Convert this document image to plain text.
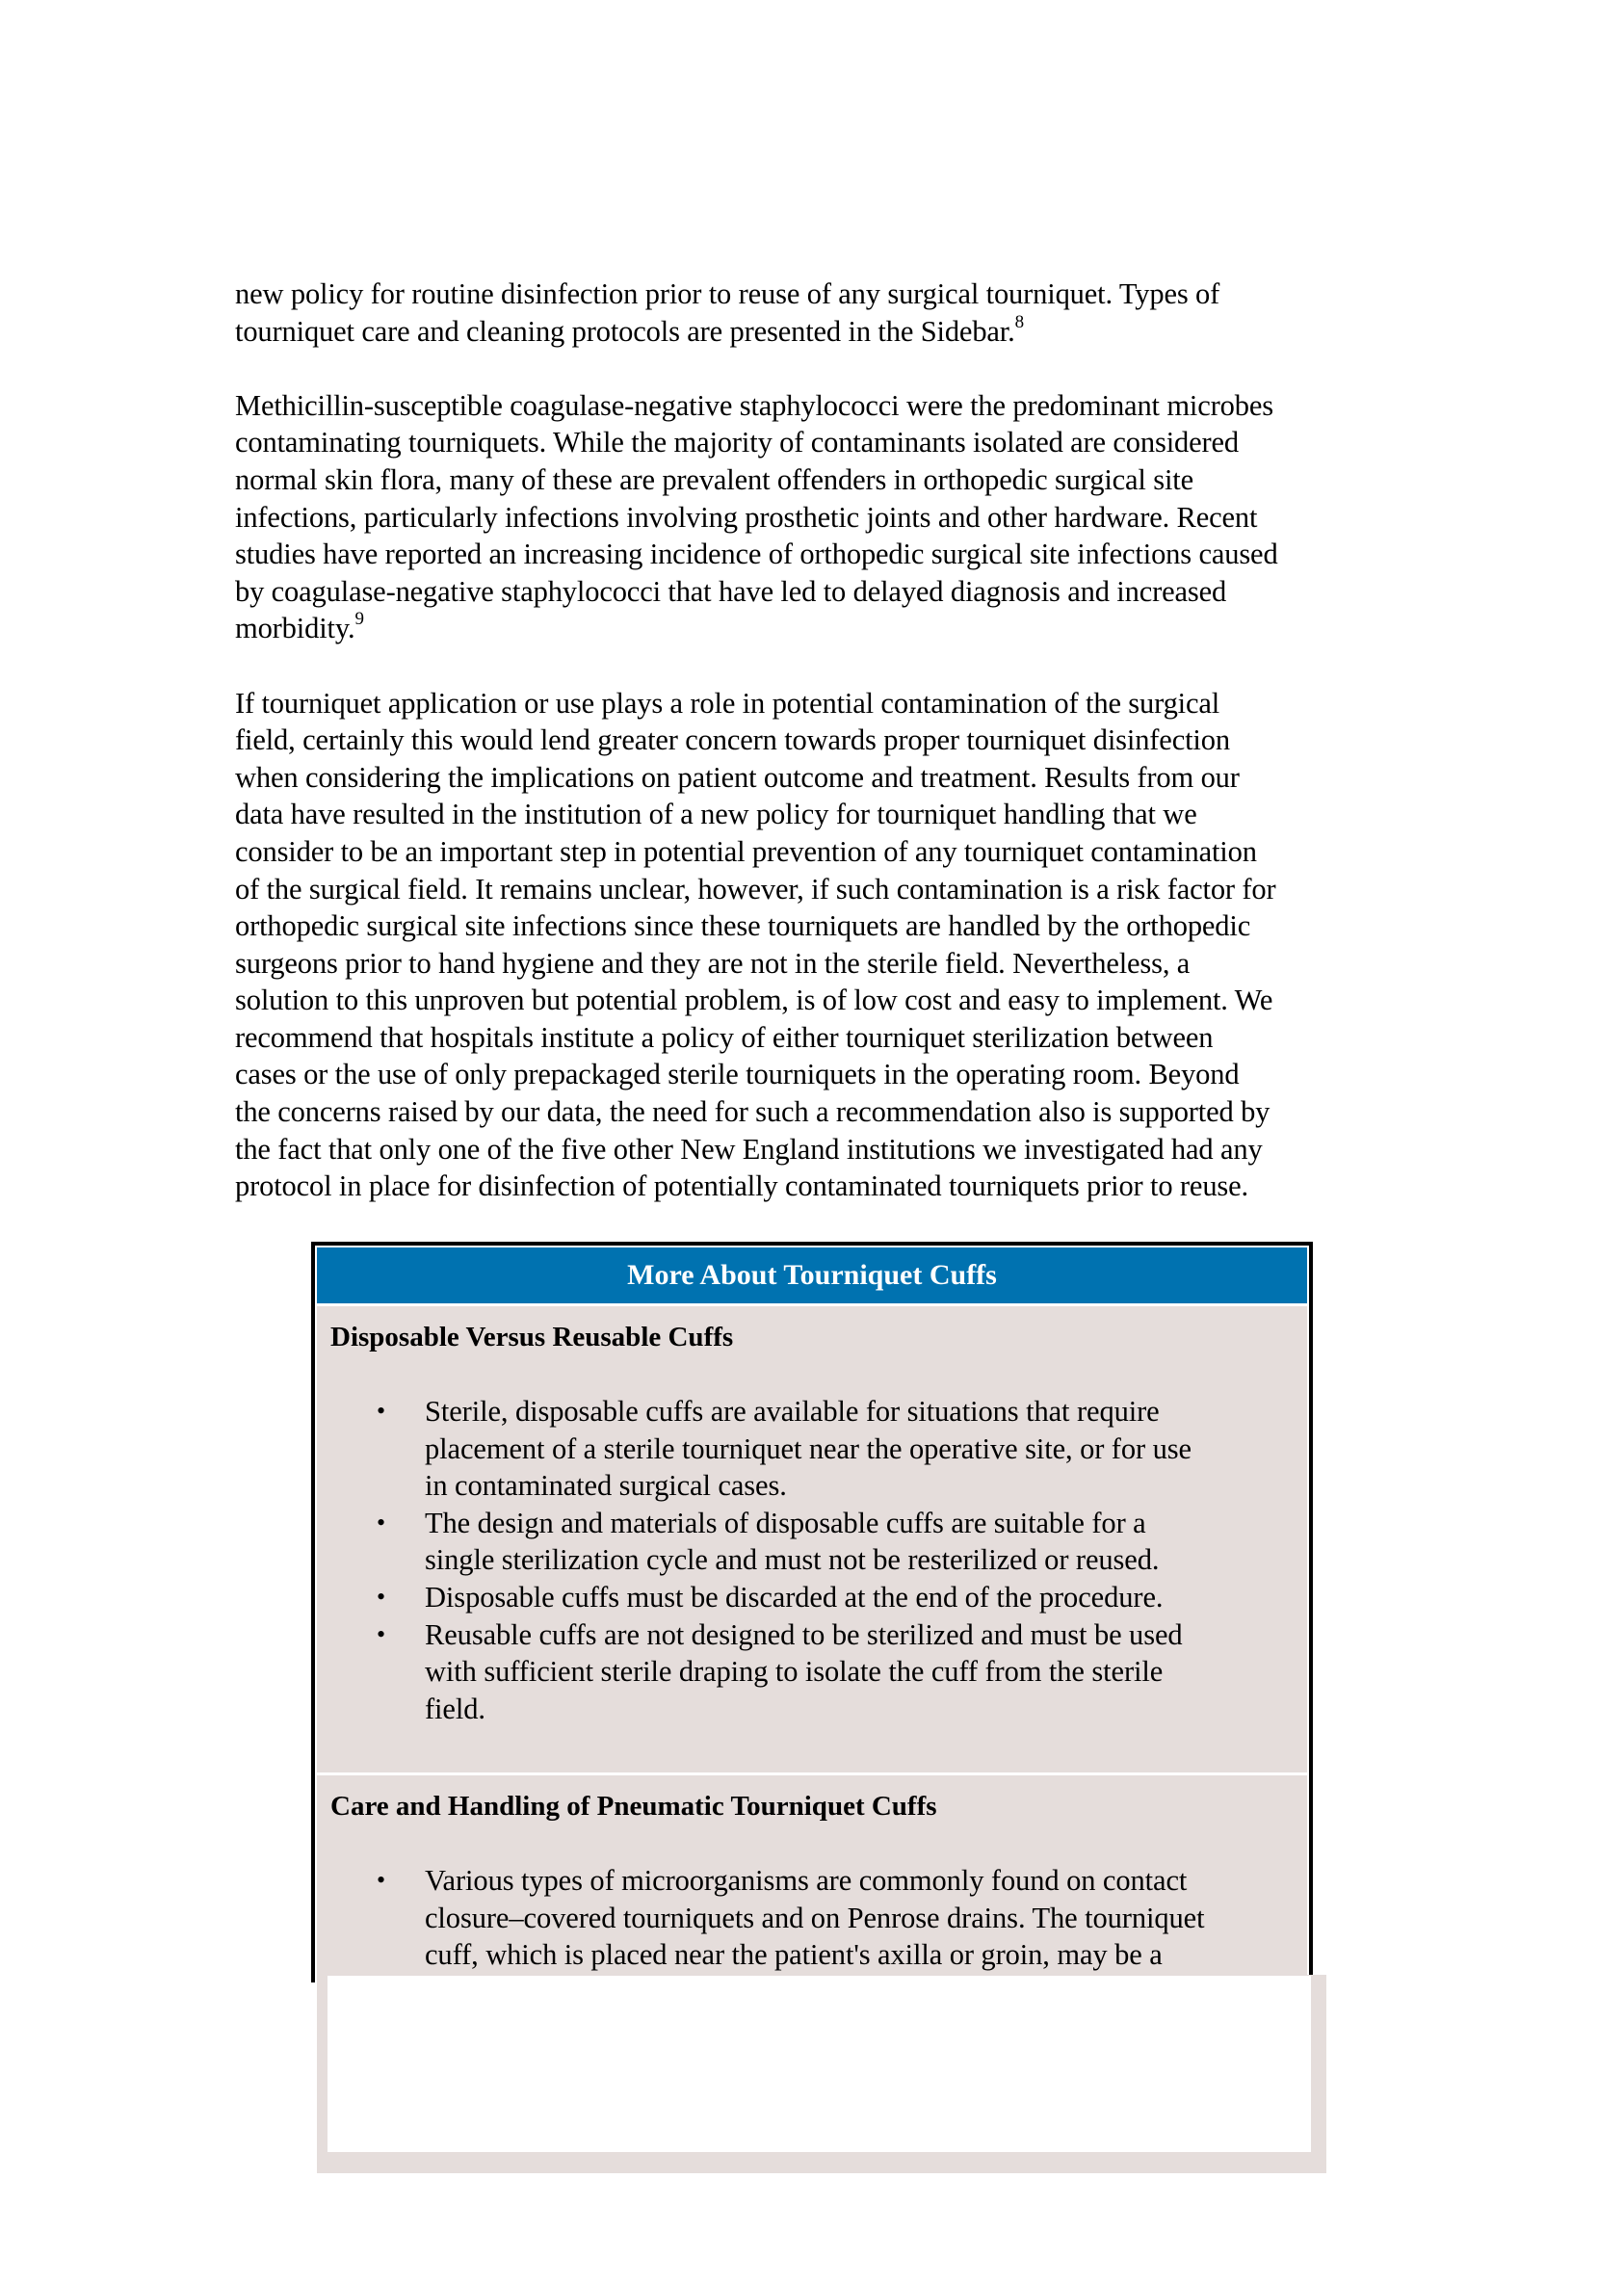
new policy for routine disinfection prior to reuse of any surgical tourniquet. Types of
tourniquet care and cleaning protocols are presented in the Sidebar.$^8$

Methicillin-susceptible coagulase-negative staphylococci were the predominant microbes
contaminating tourniquets. While the majority of contaminants isolated are considered
normal skin flora, many of these are prevalent offenders in orthopedic surgical site
infections, particularly infections involving prosthetic joints and other hardware. Recent
studies have reported an increasing incidence of orthopedic surgical site infections caused
by coagulase-negative staphylococci that have led to delayed diagnosis and increased
morbidity.$^9$

If tourniquet application or use plays a role in potential contamination of the surgical
field, certainly this would lend greater concern towards proper tourniquet disinfection
when considering the implications on patient outcome and treatment. Results from our
data have resulted in the institution of a new policy for tourniquet handling that we
consider to be an important step in potential prevention of any tourniquet contamination
of the surgical field. It remains unclear, however, if such contamination is a risk factor for
orthopedic surgical site infections since these tourniquets are handled by the orthopedic
surgeons prior to hand hygiene and they are not in the sterile field. Nevertheless, a
solution to this unproven but potential problem, is of low cost and easy to implement. We
recommend that hospitals institute a policy of either tourniquet sterilization between
cases or the use of only prepackaged sterile tourniquets in the operating room. Beyond
the concerns raised by our data, the need for such a recommendation also is supported by
the fact that only one of the five other New England institutions we investigated had any
protocol in place for disinfection of potentially contaminated tourniquets prior to reuse.

More About Tourniquet Cuffs
Disposable Versus Reusable Cuffs
• Sterile, disposable cuffs are available for situations that require
placement of a sterile tourniquet near the operative site, or for use
in contaminated surgical cases.
• The design and materials of disposable cuffs are suitable for a
single sterilization cycle and must not be resterilized or reused.
• Disposable cuffs must be discarded at the end of the procedure.
• Reusable cuffs are not designed to be sterilized and must be used
with sufficient sterile draping to isolate the cuff from the sterile
field.
Care and Handling of Pneumatic Tourniquet Cuffs
• Various types of microorganisms are commonly found on contact
closure–covered tourniquets and on Penrose drains. The tourniquet
cuff, which is placed near the patient's axilla or groin, may be a
